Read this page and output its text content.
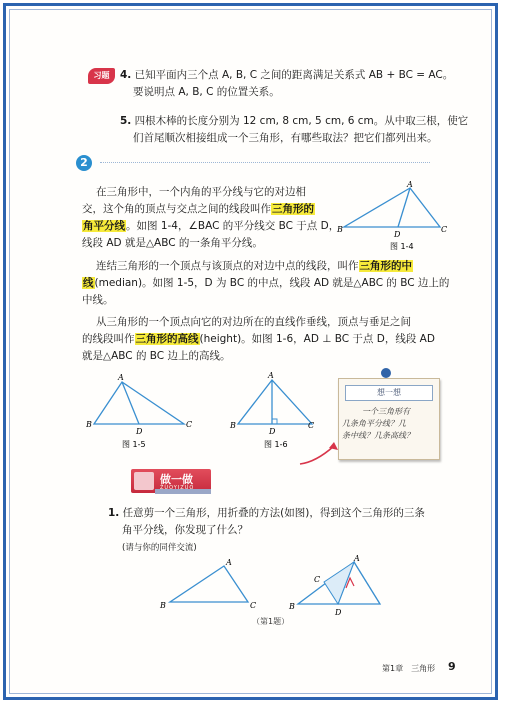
习题	4. 已知平面内三个点 A, B, C 之间的距离满足关系式 AB + BC = AC。
要说明点 A, B, C 的位置关系。
5. 四根木棒的长度分别为 12 cm, 8 cm, 5 cm, 6 cm。从中取三根，使它
们首尾顺次相接组成一个三角形，有哪些取法？把它们都列出来。
2
在三角形中，一个内角的平分线与它的对边相
交，这个角的顶点与交点之间的线段叫作三角形的
角平分线。如图 1-4，∠BAC 的平分线交 BC 于点 D，
线段 AD 就是△ABC 的一条角平分线。
A
B	C
D
图 1-4
连结三角形的一个顶点与该顶点的对边中点的线段，叫作三角形的中
线(median)。如图 1-5，D 为 BC 的中点，线段 AD 就是△ABC 的 BC 边上的
中线。
从三角形的一个顶点向它的对边所在的直线作垂线，顶点与垂足之间
的线段叫作三角形的高线(height)。如图 1-6，AD ⊥ BC 于点 D，线段 AD
就是△ABC 的 BC 边上的高线。
A
B	C
D
图 1-5
A
B	C
D
图 1-6
想一想
一个三角形有
几条角平分线？几
条中线？几条高线？
做一做
ZUOYIZUO
1. 任意剪一个三角形，用折叠的方法(如图)，得到这个三角形的三条
角平分线，你发现了什么？
(请与你的同伴交流)
A
B	C
A
B
C
D
（第1题）
第1章　三角形 9
